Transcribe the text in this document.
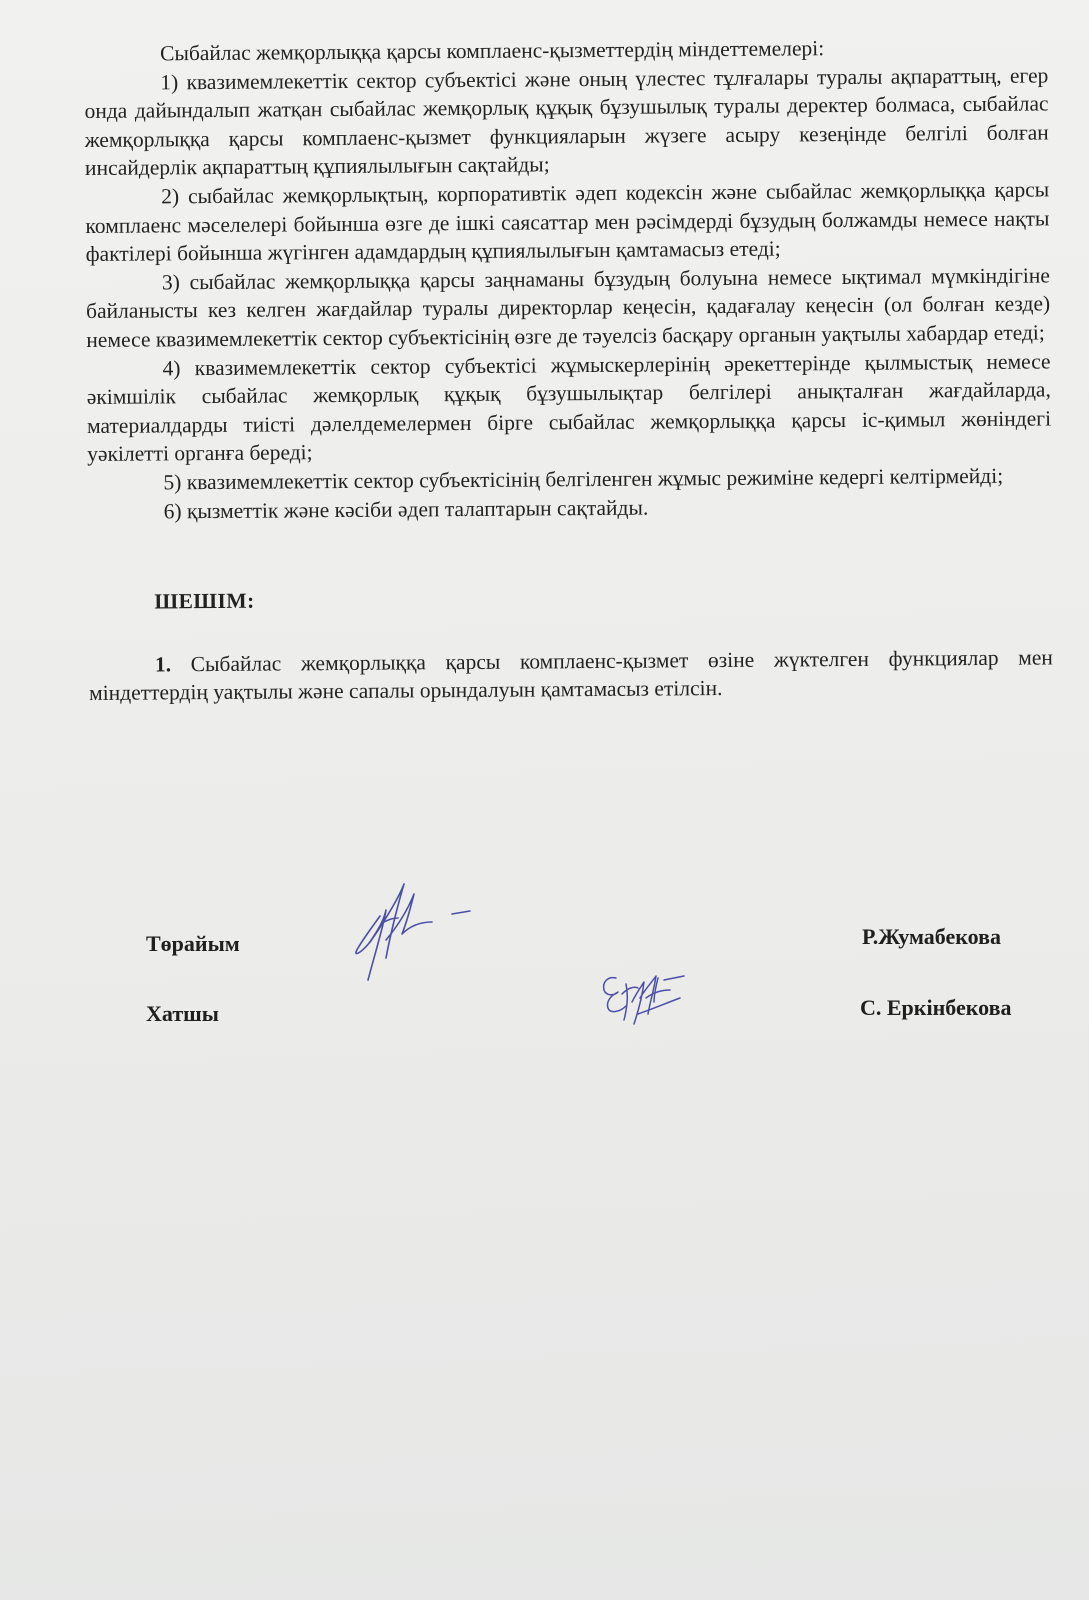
Сыбайлас жемқорлыққа қарсы комплаенс-қызметтердің міндеттемелері:

1) квазимемлекеттік сектор субъектісі және оның үлестес тұлғалары туралы ақпараттың, егер онда дайындалып жатқан сыбайлас жемқорлық құқық бұзушылық туралы деректер болмаса, сыбайлас жемқорлыққа қарсы комплаенс-қызмет функцияларын жүзеге асыру кезеңінде белгілі болған инсайдерлік ақпараттың құпиялылығын сақтайды;

2) сыбайлас жемқорлықтың, корпоративтік әдеп кодексін және сыбайлас жемқорлыққа қарсы комплаенс мәселелері бойынша өзге де ішкі саясаттар мен рәсімдерді бұзудың болжамды немесе нақты фактілері бойынша жүгінген адамдардың құпиялылығын қамтамасыз етеді;

3) сыбайлас жемқорлыққа қарсы заңнаманы бұзудың болуына немесе ықтимал мүмкіндігіне байланысты кез келген жағдайлар туралы директорлар кеңесін, қадағалау кеңесін (ол болған кезде) немесе квазимемлекеттік сектор субъектісінің өзге де тәуелсіз басқару органын уақтылы хабардар етеді;

4) квазимемлекеттік сектор субъектісі жұмыскерлерінің әрекеттерінде қылмыстық немесе әкімшілік сыбайлас жемқорлық құқық бұзушылықтар белгілері анықталған жағдайларда, материалдарды тиісті дәлелдемелермен бірге сыбайлас жемқорлыққа қарсы іс-қимыл жөніндегі уәкілетті органға береді;

5) квазимемлекеттік сектор субъектісінің белгіленген жұмыс режиміне кедергі келтірмейді;

6) қызметтік және кәсіби әдеп талаптарын сақтайды.

ШЕШІМ:

1. Сыбайлас жемқорлыққа қарсы комплаенс-қызмет өзіне жүктелген функциялар мен міндеттердің уақтылы және сапалы орындалуын қамтамасыз етілсін.

Төрайым	Р.Жумабекова
Хатшы	С. Еркінбекова
